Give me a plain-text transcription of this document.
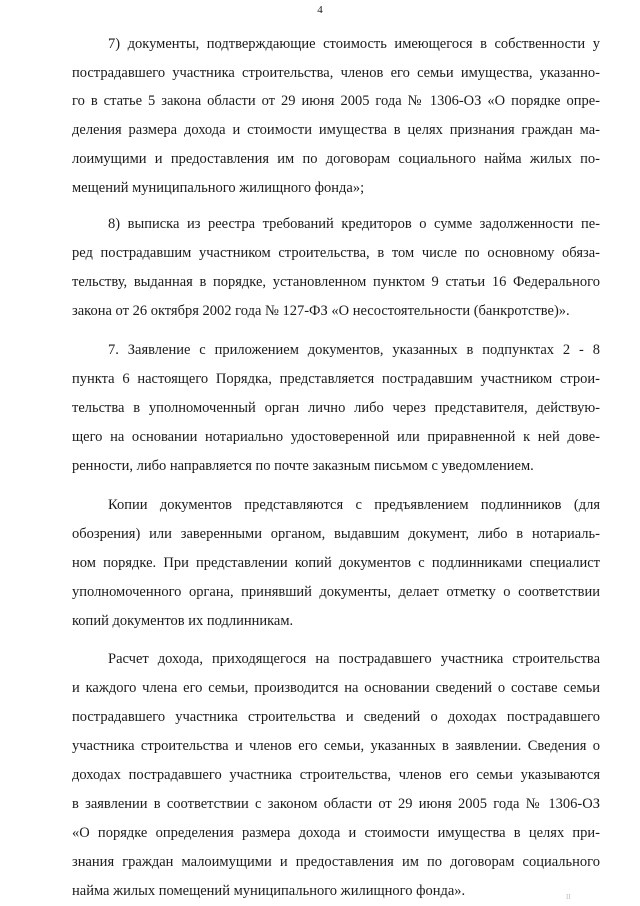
4

7) документы, подтверждающие стоимость имеющегося в собственности у
пострадавшего участника строительства, членов его семьи имущества, указанно-
го в статье 5 закона области от 29 июня 2005 года № 1306-ОЗ «О порядке опре-
деления размера дохода и стоимости имущества в целях признания граждан ма-
лоимущими и предоставления им по договорам социального найма жилых по-
мещений муниципального жилищного фонда»;

8) выписка из реестра требований кредиторов о сумме задолженности пе-
ред пострадавшим участником строительства, в том числе по основному обяза-
тельству, выданная в порядке, установленном пунктом 9 статьи 16 Федерального
закона от 26 октября 2002 года № 127-ФЗ «О несостоятельности (банкротстве)».

7. Заявление с приложением документов, указанных в подпунктах 2 - 8
пункта 6 настоящего Порядка, представляется пострадавшим участником строи-
тельства в уполномоченный орган лично либо через представителя, действую-
щего на основании нотариально удостоверенной или приравненной к ней дове-
ренности, либо направляется по почте заказным письмом с уведомлением.

Копии документов представляются с предъявлением подлинников (для
обозрения) или заверенными органом, выдавшим документ, либо в нотариаль-
ном порядке. При представлении копий документов с подлинниками специалист
уполномоченного органа, принявший документы, делает отметку о соответствии
копий документов их подлинникам.

Расчет дохода, приходящегося на пострадавшего участника строительства
и каждого члена его семьи, производится на основании сведений о составе семьи
пострадавшего участника строительства и сведений о доходах пострадавшего
участника строительства и членов его семьи, указанных в заявлении. Сведения о
доходах пострадавшего участника строительства, членов его семьи указываются
в заявлении в соответствии с законом области от 29 июня 2005 года № 1306-ОЗ
«О порядке определения размера дохода и стоимости имущества в целях при-
знания граждан малоимущими и предоставления им по договорам социального
найма жилых помещений муниципального жилищного фонда».	II
